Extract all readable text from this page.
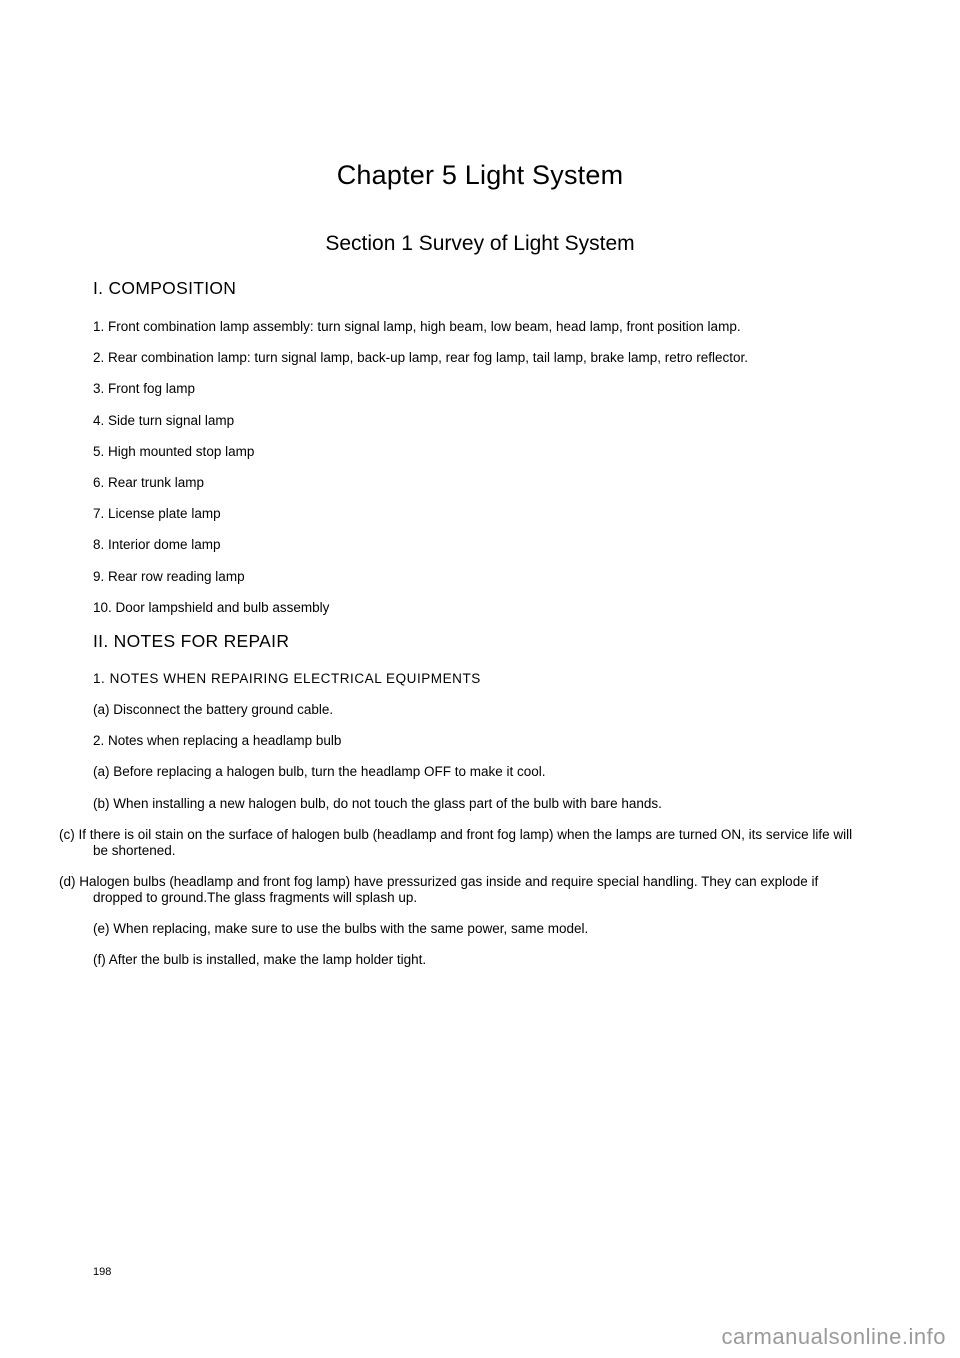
Chapter 5 Light System
Section 1 Survey of Light System
I. COMPOSITION

1. Front combination lamp assembly: turn signal lamp, high beam, low beam, head lamp, front position lamp.

2. Rear combination lamp: turn signal lamp, back-up lamp, rear fog lamp, tail lamp, brake lamp, retro reflector.

3. Front fog lamp

4. Side turn signal lamp

5. High mounted stop lamp

6. Rear trunk lamp

7. License plate lamp

8. Interior dome lamp

9. Rear row reading lamp

10. Door lampshield and bulb assembly

II. NOTES FOR REPAIR

1. NOTES WHEN REPAIRING ELECTRICAL EQUIPMENTS

(a) Disconnect the battery ground cable.

2. Notes when replacing a headlamp bulb

(a) Before replacing a halogen bulb, turn the headlamp OFF to make it cool.

(b) When installing a new halogen bulb, do not touch the glass part of the bulb with bare hands.

(c) If there is oil stain on the surface of halogen bulb (headlamp and front fog lamp) when the lamps are turned ON, its service life will be shortened.

(d) Halogen bulbs (headlamp and front fog lamp) have pressurized gas inside and require special handling. They can explode if dropped to ground.The glass fragments will splash up.

(e) When replacing, make sure to use the bulbs with the same power, same model.

(f) After the bulb is installed, make the lamp holder tight.

198
carmanualsonline.info
